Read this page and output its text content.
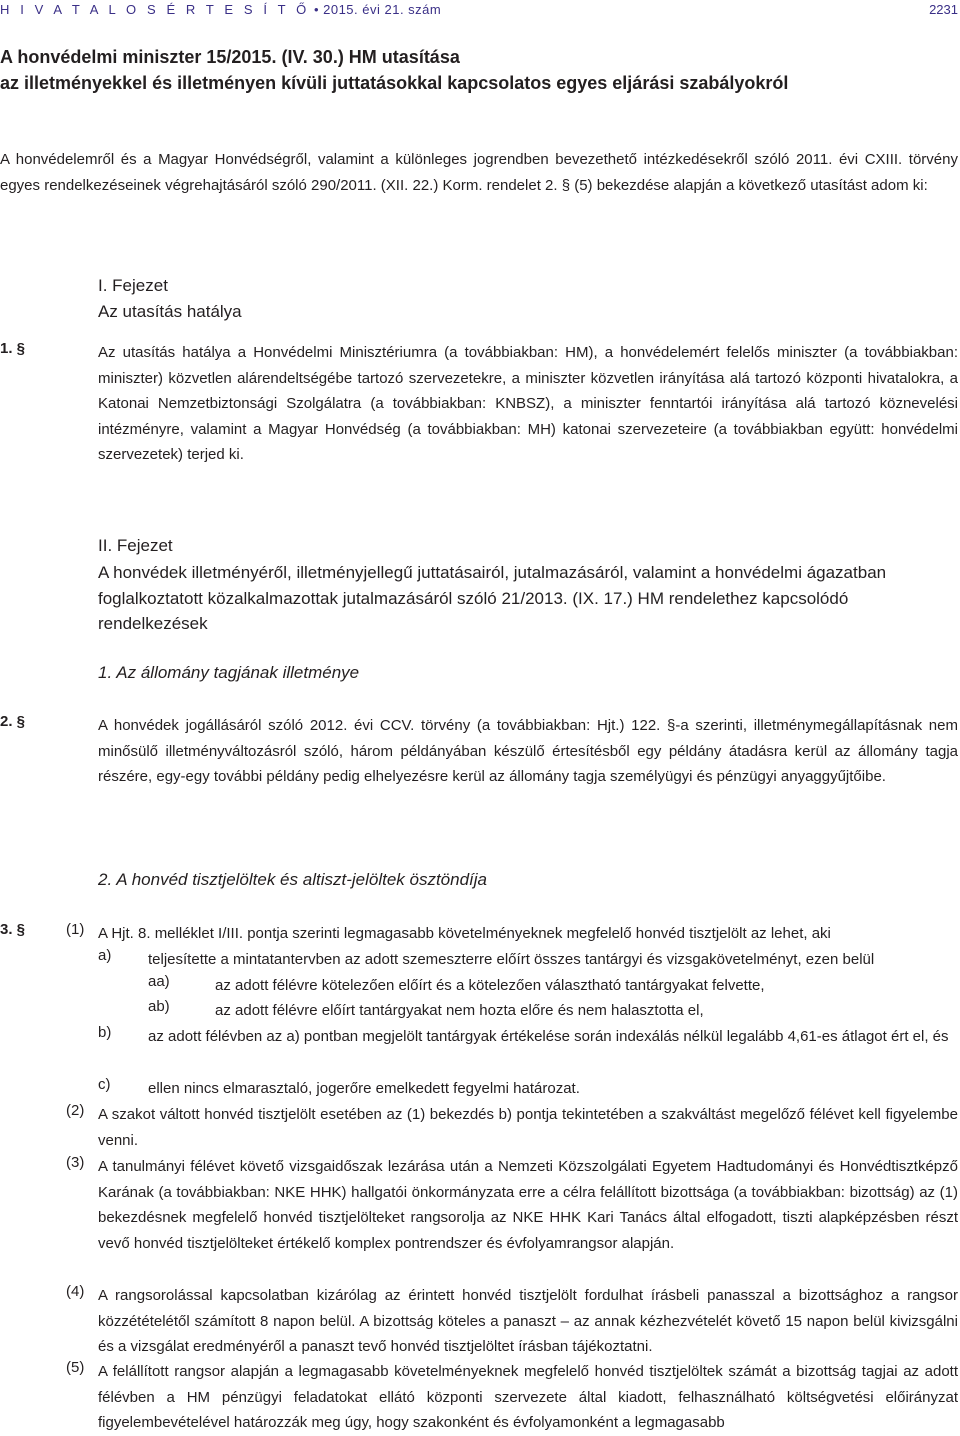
H I V A T A L O S É R T E S Í T Ő • 2015. évi 21. szám	2231
A honvédelmi miniszter 15/2015. (IV. 30.) HM utasítása
az illetményekkel és illetményen kívüli juttatásokkal kapcsolatos egyes eljárási szabályokról
A honvédelemről és a Magyar Honvédségről, valamint a különleges jogrendben bevezethető intézkedésekről szóló 2011. évi CXIII. törvény egyes rendelkezéseinek végrehajtásáról szóló 290/2011. (XII. 22.) Korm. rendelet 2. § (5) bekezdése alapján a következő utasítást adom ki:
I. Fejezet
Az utasítás hatálya
1. §	Az utasítás hatálya a Honvédelmi Minisztériumra (a továbbiakban: HM), a honvédelemért felelős miniszter (a továbbiakban: miniszter) közvetlen alárendeltségébe tartozó szervezetekre, a miniszter közvetlen irányítása alá tartozó központi hivatalokra, a Katonai Nemzetbiztonsági Szolgálatra (a továbbiakban: KNBSZ), a miniszter fenntartói irányítása alá tartozó köznevelési intézményre, valamint a Magyar Honvédség (a továbbiakban: MH) katonai szervezeteire (a továbbiakban együtt: honvédelmi szervezetek) terjed ki.
II. Fejezet
A honvédek illetményéről, illetményjellegű juttatásairól, jutalmazásáról, valamint a honvédelmi ágazatban foglalkoztatott közalkalmazottak jutalmazásáról szóló 21/2013. (IX. 17.) HM rendelethez kapcsolódó rendelkezések
1. Az állomány tagjának illetménye
2. §	A honvédek jogállásáról szóló 2012. évi CCV. törvény (a továbbiakban: Hjt.) 122. §-a szerinti, illetménymegállapításnak nem minősülő illetményváltozásról szóló, három példányában készülő értesítésből egy példány átadásra kerül az állomány tagja részére, egy-egy további példány pedig elhelyezésre kerül az állomány tagja személyügyi és pénzügyi anyaggyűjtőibe.
2. A honvéd tisztjelöltek és altiszt-jelöltek ösztöndíja
3. §	(1) A Hjt. 8. melléklet I/III. pontja szerinti legmagasabb követelményeknek megfelelő honvéd tisztjelölt az lehet, aki
a) teljesítette a mintatantervben az adott szemeszterre előírt összes tantárgyi és vizsgakövetelményt, ezen belül
aa)	az adott félévre kötelezően előírt és a kötelezően választható tantárgyakat felvette,
ab)	az adott félévre előírt tantárgyakat nem hozta előre és nem halasztotta el,
b) az adott félévben az a) pontban megjelölt tantárgyak értékelése során indexálás nélkül legalább 4,61-es átlagot ért el, és
c)	ellen nincs elmarasztaló, jogerőre emelkedett fegyelmi határozat.
(2) A szakot váltott honvéd tisztjelölt esetében az (1) bekezdés b) pontja tekintetében a szakváltást megelőző félévet kell figyelembe venni.
(3) A tanulmányi félévet követő vizsgaidőszak lezárása után a Nemzeti Közszolgálati Egyetem Hadtudományi és Honvédtisztképző Karának (a továbbiakban: NKE HHK) hallgatói önkormányzata erre a célra felállított bizottsága (a továbbiakban: bizottság) az (1) bekezdésnek megfelelő honvéd tisztjelölteket rangsorolja az NKE HHK Kari Tanács által elfogadott, tiszti alapképzésben részt vevő honvéd tisztjelölteket értékelő komplex pontrendszer és évfolyamrangsor alapján.
(4) A rangsorolással kapcsolatban kizárólag az érintett honvéd tisztjelölt fordulhat írásbeli panasszal a bizottsághoz a rangsor közzétételétől számított 8 napon belül. A bizottság köteles a panaszt – az annak kézhezvételét követő 15 napon belül kivizsgálni és a vizsgálat eredményéről a panaszt tevő honvéd tisztjelöltet írásban tájékoztatni.
(5) A felállított rangsor alapján a legmagasabb követelményeknek megfelelő honvéd tisztjelöltek számát a bizottság tagjai az adott félévben a HM pénzügyi feladatokat ellátó központi szervezete által kiadott, felhasználható költségvetési előirányzat figyelembevételével határozzák meg úgy, hogy szakonként és évfolyamonként a legmagasabb
